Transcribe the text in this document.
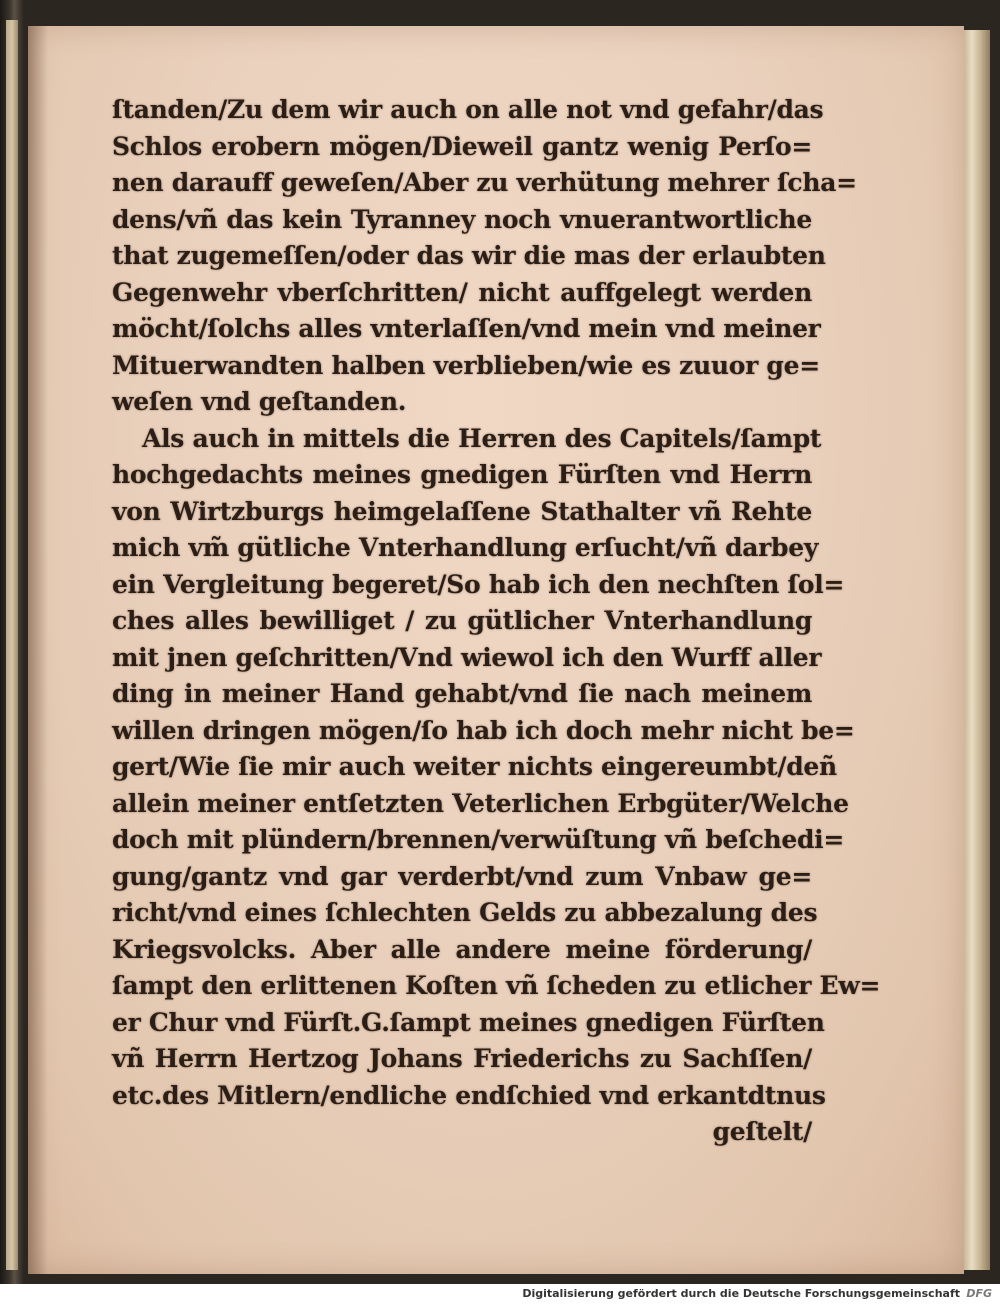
ſtanden/Zu dem wir auch on alle not vnd gefahr/das
Schlos erobern mögen/Dieweil gantz wenig Perſo=
nen darauff geweſen/Aber zu verhütung mehrer ſcha=
dens/vñ das kein Tyranney noch vnuerantwortliche
that zugemeſſen/oder das wir die mas der erlaubten
Gegenwehr vberſchritten/ nicht auffgelegt werden
möcht/ſolchs alles vnterlaſſen/vnd mein vnd meiner
Mituerwandten halben verblieben/wie es zuuor ge=
weſen vnd geſtanden.
Als auch in mittels die Herren des Capitels/ſampt
hochgedachts meines gnedigen Fürſten vnd Herrn
von Wirtzburgs heimgelaſſene Stathalter vñ Rehte
mich vm̃ gütliche Vnterhandlung erſucht/vñ darbey
ein Vergleitung begeret/So hab ich den nechſten ſol=
ches alles bewilliget / zu gütlicher Vnterhandlung
mit jnen geſchritten/Vnd wiewol ich den Wurff aller
ding in meiner Hand gehabt/vnd ſie nach meinem
willen dringen mögen/ſo hab ich doch mehr nicht be=
gert/Wie ſie mir auch weiter nichts eingereumbt/deñ
allein meiner entſetzten Veterlichen Erbgüter/Welche
doch mit plündern/brennen/verwüſtung vñ beſchedi=
gung/gantz vnd gar verderbt/vnd zum Vnbaw ge=
richt/vnd eines ſchlechten Gelds zu abbezalung des
Kriegsvolcks. Aber alle andere meine förderung/
ſampt den erlittenen Koſten vñ ſcheden zu etlicher Ew=
er Chur vnd Fürſt.G.ſampt meines gnedigen Fürſten
vñ Herrn Hertzog Johans Friederichs zu Sachſſen/
etc.des Mitlern/endliche endſchied vnd erkantdtnus
geſtelt/
Digitalisierung gefördert durch die Deutsche Forschungsgemeinschaft DFG
